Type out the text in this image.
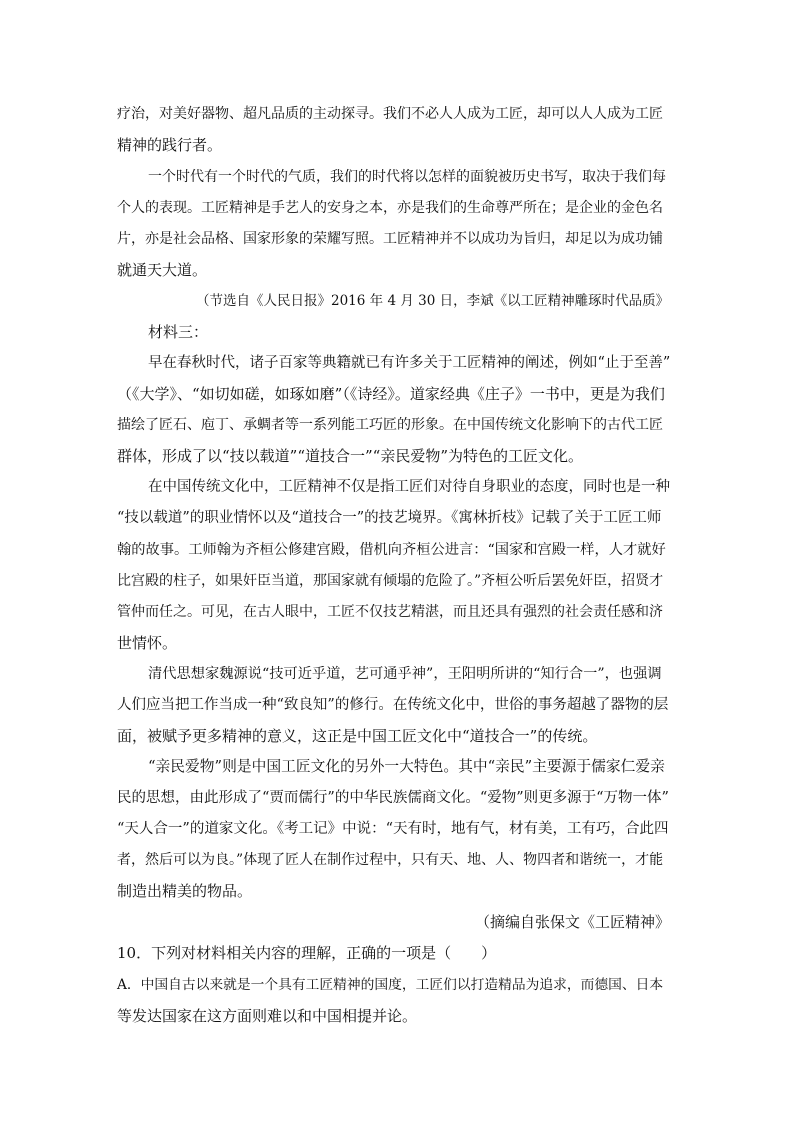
疗治，对美好器物、超凡品质的主动探寻。我们不必人人成为工匠，却可以人人成为工匠
精神的践行者。
一个时代有一个时代的气质，我们的时代将以怎样的面貌被历史书写，取决于我们每
个人的表现。工匠精神是手艺人的安身之本，亦是我们的生命尊严所在；是企业的金色名
片，亦是社会品格、国家形象的荣耀写照。工匠精神并不以成功为旨归，却足以为成功铺
就通天大道。
（节选自《人民日报》2016 年 4 月 30 日，李斌《以工匠精神雕琢时代品质》
材料三：
早在春秋时代，诸子百家等典籍就已有许多关于工匠精神的阐述，例如“止于至善”
（《大学》、“如切如磋，如琢如磨”（《诗经》。道家经典《庄子》一书中，更是为我们
描绘了匠石、庖丁、承蜩者等一系列能工巧匠的形象。在中国传统文化影响下的古代工匠
群体，形成了以“技以载道”“道技合一”“亲民爱物”为特色的工匠文化。
在中国传统文化中，工匠精神不仅是指工匠们对待自身职业的态度，同时也是一种
“技以载道”的职业情怀以及“道技合一”的技艺境界。《寓林折枝》记载了关于工匠工师
翰的故事。工师翰为齐桓公修建宫殿，借机向齐桓公进言：“国家和宫殿一样，人才就好
比宫殿的柱子，如果奸臣当道，那国家就有倾塌的危险了。”齐桓公听后罢免奸臣，招贤才
管仲而任之。可见，在古人眼中，工匠不仅技艺精湛，而且还具有强烈的社会责任感和济
世情怀。
清代思想家魏源说“技可近乎道，艺可通乎神”，王阳明所讲的“知行合一”，也强调
人们应当把工作当成一种“致良知”的修行。在传统文化中，世俗的事务超越了器物的层
面，被赋予更多精神的意义，这正是中国工匠文化中“道技合一”的传统。
“亲民爱物”则是中国工匠文化的另外一大特色。其中“亲民”主要源于儒家仁爱亲
民的思想，由此形成了“贾而儒行”的中华民族儒商文化。“爱物”则更多源于“万物一体”
“天人合一”的道家文化。《考工记》中说：“天有时，地有气，材有美，工有巧，合此四
者，然后可以为良。”体现了匠人在制作过程中，只有天、地、人、物四者和谐统一，才能
制造出精美的物品。
（摘编自张保文《工匠精神》
10．下列对材料相关内容的理解，正确的一项是（　　）
A．中国自古以来就是一个具有工匠精神的国度，工匠们以打造精品为追求，而德国、日本
等发达国家在这方面则难以和中国相提并论。
